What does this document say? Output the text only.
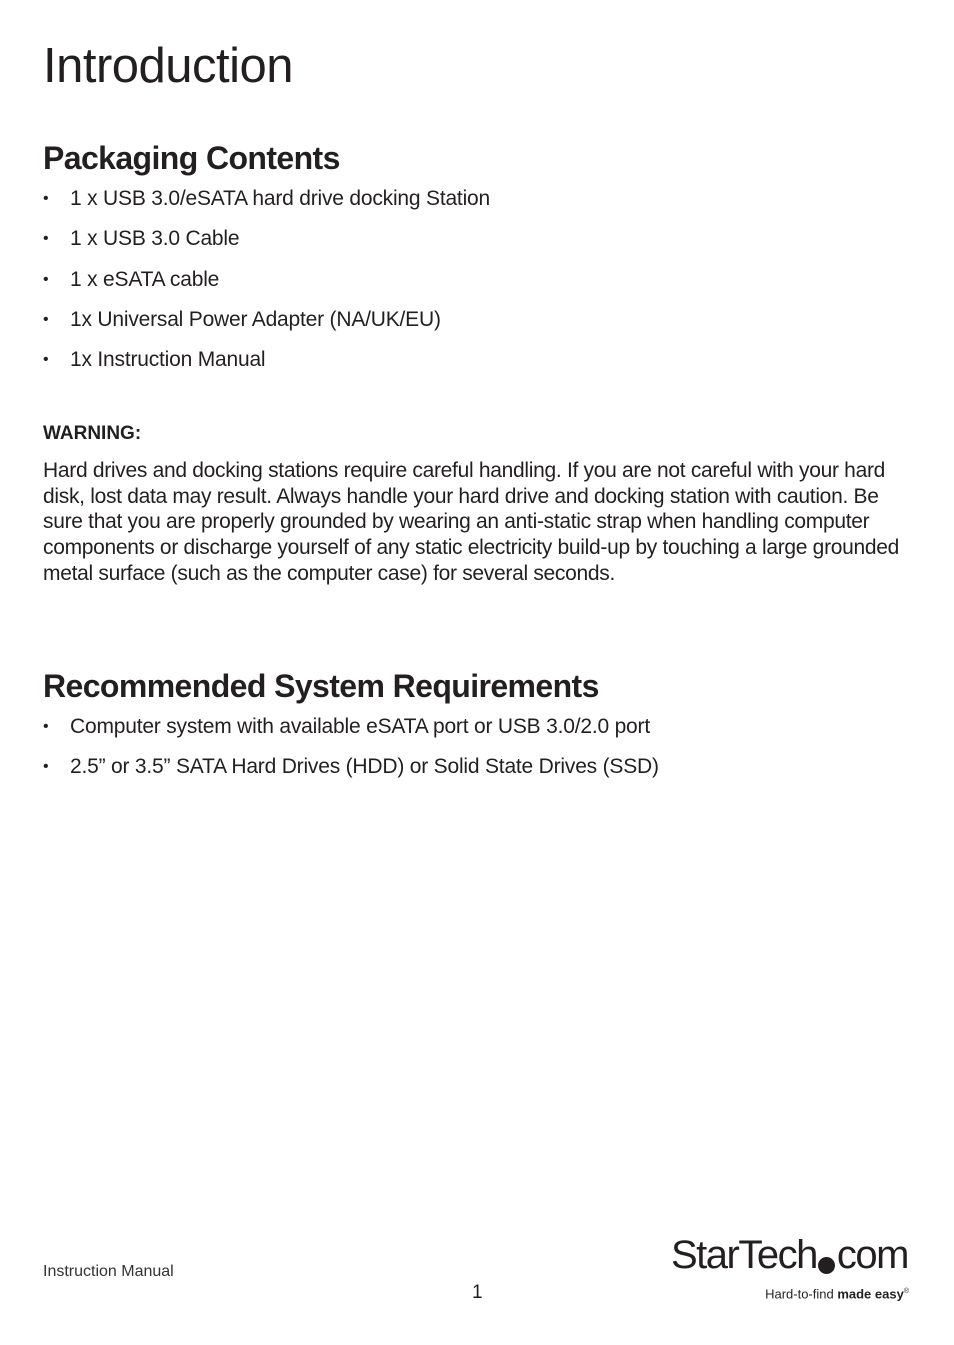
Introduction
Packaging Contents
• 1 x USB 3.0/eSATA hard drive docking Station
• 1 x USB 3.0 Cable
• 1 x eSATA cable
• 1x Universal Power Adapter (NA/UK/EU)
• 1x Instruction Manual

WARNING:

Hard drives and docking stations require careful handling. If you are not careful with your hard disk, lost data may result. Always handle your hard drive and docking station with caution. Be sure that you are properly grounded by wearing an anti-static strap when handling computer components or discharge yourself of any static electricity build-up by touching a large grounded metal surface (such as the computer case) for several seconds.

Recommended System Requirements
• Computer system with available eSATA port or USB 3.0/2.0 port
• 2.5” or 3.5” SATA Hard Drives (HDD) or Solid State Drives (SSD)
Instruction Manual
1
StarTech com
Hard-to-find made easy®
